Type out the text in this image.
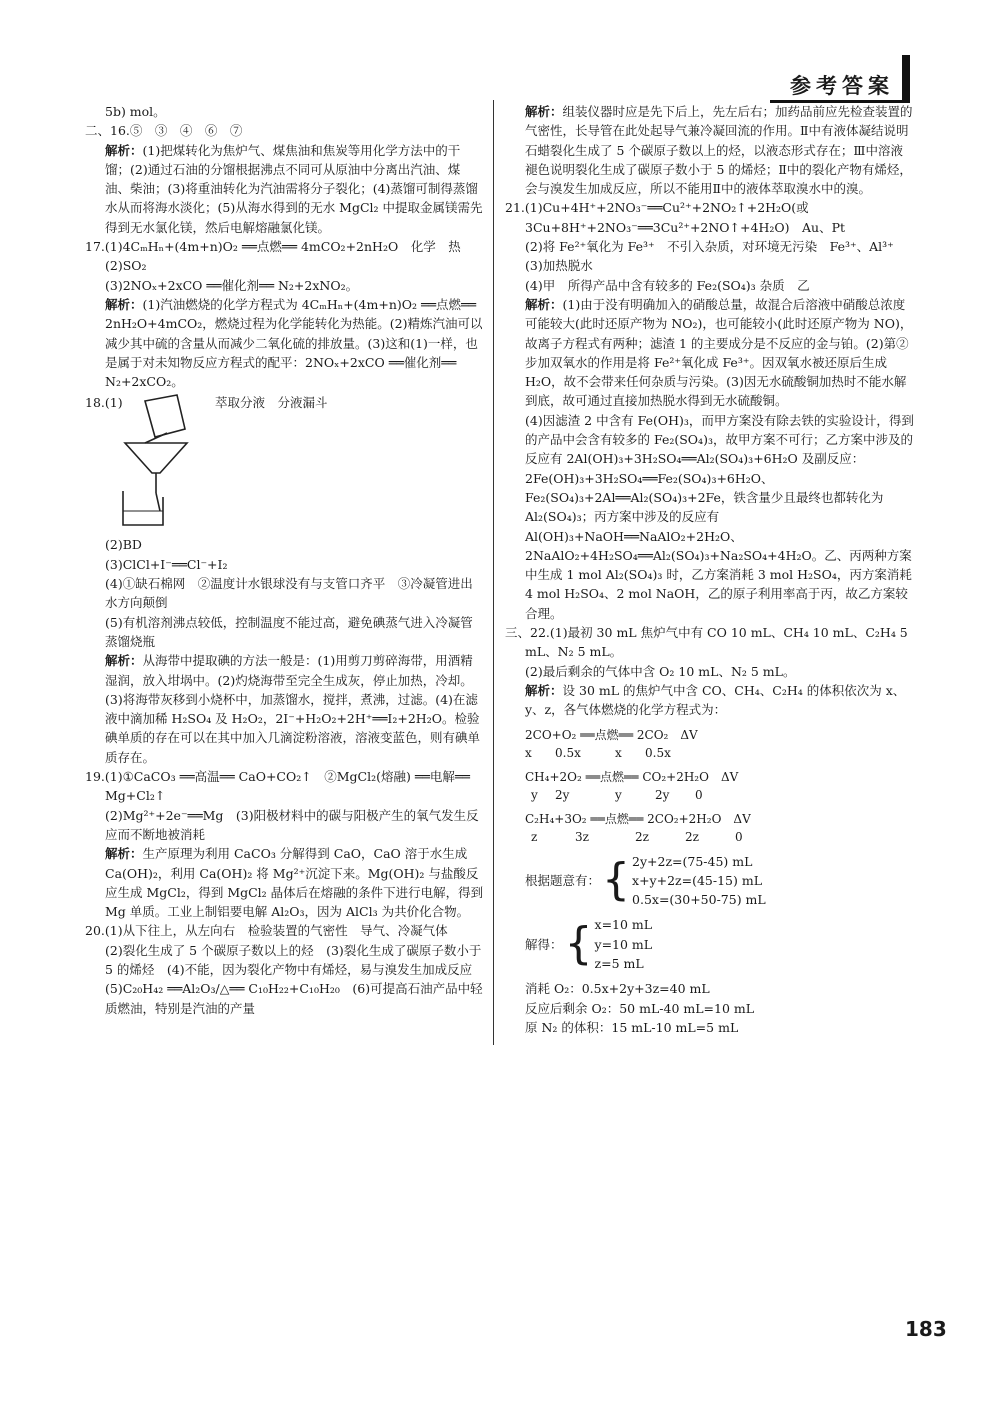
参考答案

5b) mol。

二、16.⑤　③　④　⑥　⑦

解析：(1)把煤转化为焦炉气、煤焦油和焦炭等用化学方法中的干馏；(2)通过石油的分馏根据沸点不同可从原油中分离出汽油、煤油、柴油；(3)将重油转化为汽油需将分子裂化；(4)蒸馏可制得蒸馏水从而将海水淡化；(5)从海水得到的无水 MgCl₂ 中提取金属镁需先得到无水氯化镁，然后电解熔融氯化镁。

17.(1)4CₘHₙ+(4m+n)O₂ ══点燃══ 4mCO₂+2nH₂O　化学　热　(2)SO₂

(3)2NOₓ+2xCO ══催化剂══ N₂+2xNO₂。

解析：(1)汽油燃烧的化学方程式为 4CₘHₙ+(4m+n)O₂ ══点燃══ 2nH₂O+4mCO₂，燃烧过程为化学能转化为热能。(2)精炼汽油可以减少其中硫的含量从而减少二氧化硫的排放量。(3)这和(1)一样，也是属于对未知物反应方程式的配平：2NOₓ+2xCO ══催化剂══ N₂+2xCO₂。

18.(1)	萃取分液　分液漏斗

(2)BD

(3)ClCl+I⁻══Cl⁻+I₂

(4)①缺石棉网　②温度计水银球没有与支管口齐平　③冷凝管进出水方向颠倒

(5)有机溶剂沸点较低，控制温度不能过高，避免碘蒸气进入冷凝管　蒸馏烧瓶

解析：从海带中提取碘的方法一般是：(1)用剪刀剪碎海带，用酒精湿润，放入坩埚中。(2)灼烧海带至完全生成灰，停止加热，冷却。(3)将海带灰移到小烧杯中，加蒸馏水，搅拌，煮沸，过滤。(4)在滤液中滴加稀 H₂SO₄ 及 H₂O₂，2I⁻+H₂O₂+2H⁺══I₂+2H₂O。检验碘单质的存在可以在其中加入几滴淀粉溶液，溶液变蓝色，则有碘单质存在。

19.(1)①CaCO₃ ══高温══ CaO+CO₂↑　②MgCl₂(熔融) ══电解══ Mg+Cl₂↑

(2)Mg²⁺+2e⁻══Mg　(3)阳极材料中的碳与阳极产生的氧气发生反应而不断地被消耗

解析：生产原理为利用 CaCO₃ 分解得到 CaO，CaO 溶于水生成 Ca(OH)₂，利用 Ca(OH)₂ 将 Mg²⁺沉淀下来。Mg(OH)₂ 与盐酸反应生成 MgCl₂，得到 MgCl₂ 晶体后在熔融的条件下进行电解，得到 Mg 单质。工业上制铝要电解 Al₂O₃，因为 AlCl₃ 为共价化合物。

20.(1)从下往上，从左向右　检验装置的气密性　导气、冷凝气体

(2)裂化生成了 5 个碳原子数以上的烃　(3)裂化生成了碳原子数小于 5 的烯烃　(4)不能，因为裂化产物中有烯烃，易与溴发生加成反应　(5)C₂₀H₄₂ ══Al₂O₃/△══ C₁₀H₂₂+C₁₀H₂₀　(6)可提高石油产品中轻质燃油，特别是汽油的产量

解析：组装仪器时应是先下后上，先左后右；加药品前应先检查装置的气密性，长导管在此处起导气兼冷凝回流的作用。Ⅱ中有液体凝结说明石蜡裂化生成了 5 个碳原子数以上的烃，以液态形式存在；Ⅲ中溶液褪色说明裂化生成了碳原子数小于 5 的烯烃；Ⅱ中的裂化产物有烯烃，会与溴发生加成反应，所以不能用Ⅱ中的液体萃取溴水中的溴。

21.(1)Cu+4H⁺+2NO₃⁻══Cu²⁺+2NO₂↑+2H₂O(或 3Cu+8H⁺+2NO₃⁻══3Cu²⁺+2NO↑+4H₂O)　Au、Pt

(2)将 Fe²⁺氧化为 Fe³⁺　不引入杂质，对环境无污染　Fe³⁺、Al³⁺

(3)加热脱水

(4)甲　所得产品中含有较多的 Fe₂(SO₄)₃ 杂质　乙

解析：(1)由于没有明确加入的硝酸总量，故混合后溶液中硝酸总浓度可能较大(此时还原产物为 NO₂)，也可能较小(此时还原产物为 NO)，故离子方程式有两种；滤渣 1 的主要成分是不反应的金与铂。(2)第②步加双氧水的作用是将 Fe²⁺氧化成 Fe³⁺。因双氧水被还原后生成 H₂O，故不会带来任何杂质与污染。(3)因无水硫酸铜加热时不能水解到底，故可通过直接加热脱水得到无水硫酸铜。

(4)因滤渣 2 中含有 Fe(OH)₃，而甲方案没有除去铁的实验设计，得到的产品中会含有较多的 Fe₂(SO₄)₃，故甲方案不可行；乙方案中涉及的反应有 2Al(OH)₃+3H₂SO₄══Al₂(SO₄)₃+6H₂O 及副反应：2Fe(OH)₃+3H₂SO₄══Fe₂(SO₄)₃+6H₂O、Fe₂(SO₄)₃+2Al══Al₂(SO₄)₃+2Fe，铁含量少且最终也都转化为 Al₂(SO₄)₃；丙方案中涉及的反应有 Al(OH)₃+NaOH══NaAlO₂+2H₂O、2NaAlO₂+4H₂SO₄══Al₂(SO₄)₃+Na₂SO₄+4H₂O。乙、丙两种方案中生成 1 mol Al₂(SO₄)₃ 时，乙方案消耗 3 mol H₂SO₄，丙方案消耗 4 mol H₂SO₄、2 mol NaOH，乙的原子利用率高于丙，故乙方案较合理。

三、22.(1)最初 30 mL 焦炉气中有 CO 10 mL、CH₄ 10 mL、C₂H₄ 5 mL、N₂ 5 mL。

(2)最后剩余的气体中含 O₂ 10 mL、N₂ 5 mL。

解析：设 30 mL 的焦炉气中含 CO、CH₄、C₂H₄ 的体积依次为 x、y、z，各气体燃烧的化学方程式为：

2CO+O₂ ══点燃══ 2CO₂　ΔV
x 0.5x	x 0.5x
CH₄+2O₂ ══点燃══ CO₂+2H₂O　ΔV
y 2y	y	2y 0
C₂H₄+3O₂ ══点燃══ 2CO₂+2H₂O　ΔV
z	3z	2z	2z	0
根据题意有： { 2y+2z=(75-45) mL
x+y+2z=(45-15) mL
0.5x=(30+50-75) mL
解得： { x=10 mL
y=10 mL
z=5 mL

消耗 O₂：0.5x+2y+3z=40 mL

反应后剩余 O₂：50 mL-40 mL=10 mL

原 N₂ 的体积：15 mL-10 mL=5 mL

183
